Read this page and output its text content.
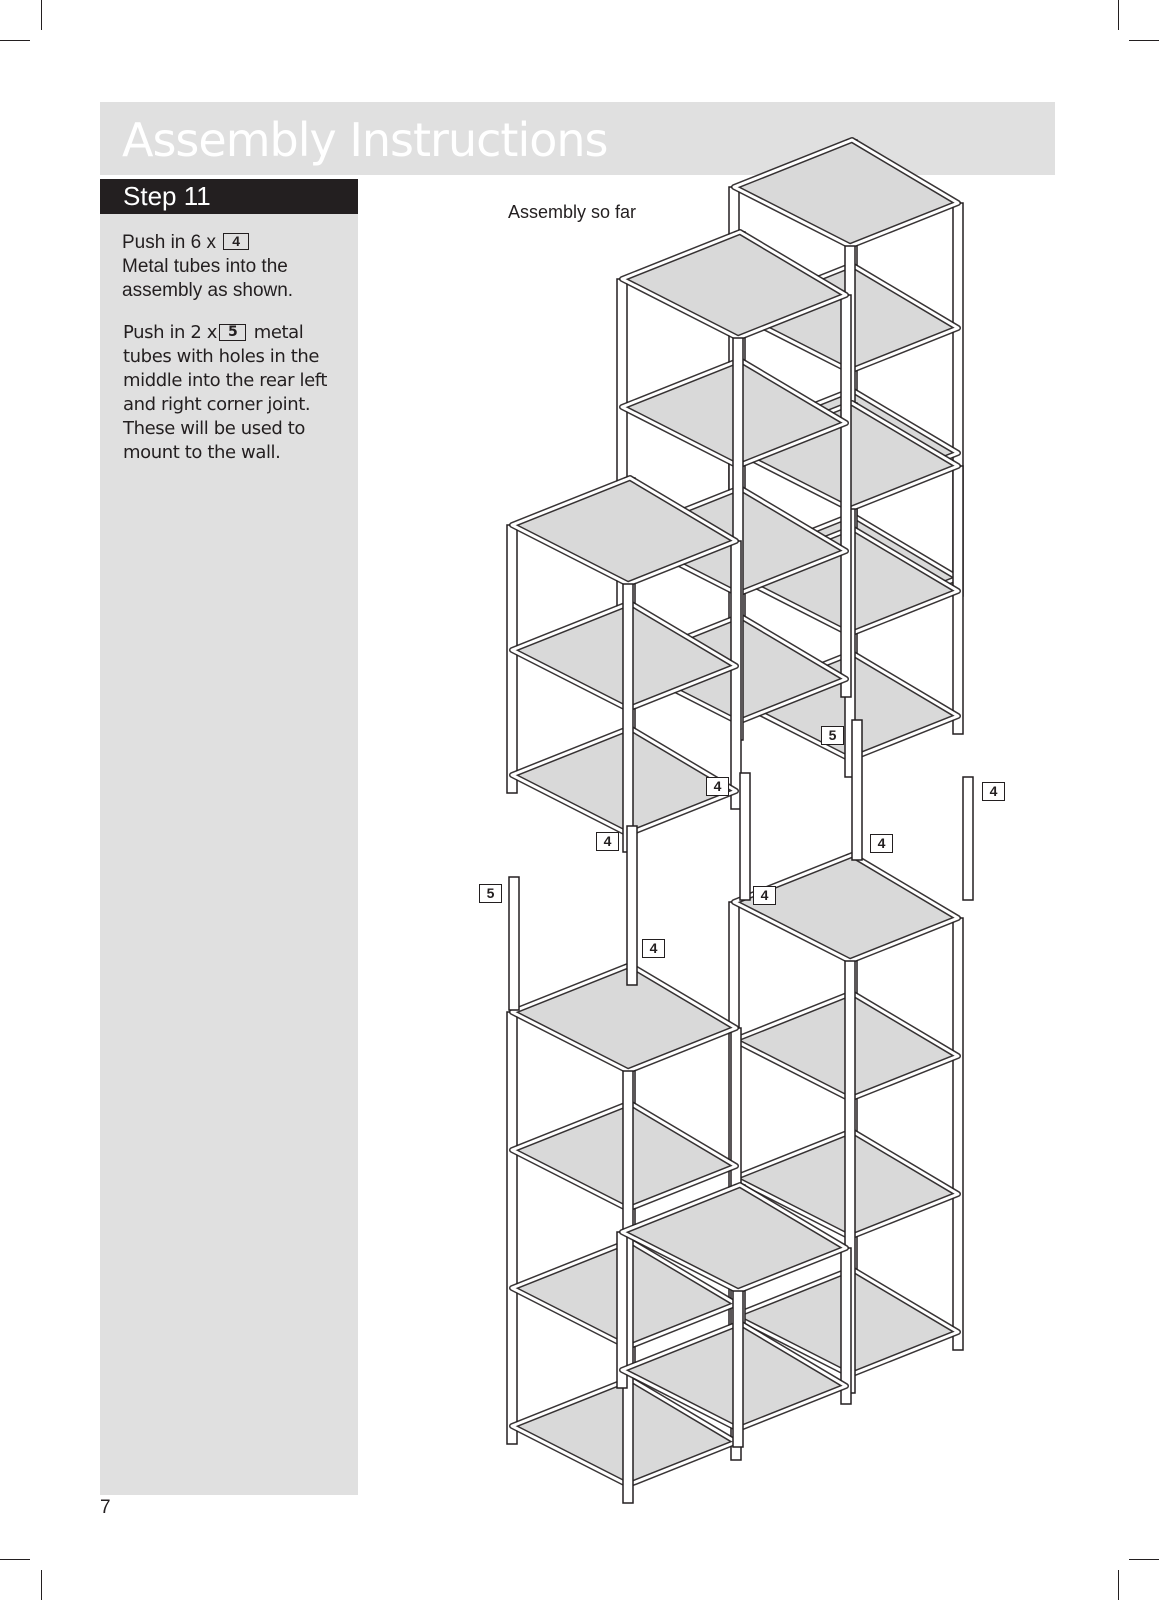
Assembly Instructions
Step 11
Push in 6 x 4
Metal tubes into the assembly as shown.
Push in 2 x 5 metal tubes with holes in the middle into the rear left and right corner joint. These will be used to mount to the wall.
Assembly so far
5
4	4
4	4
4
4
5
7
